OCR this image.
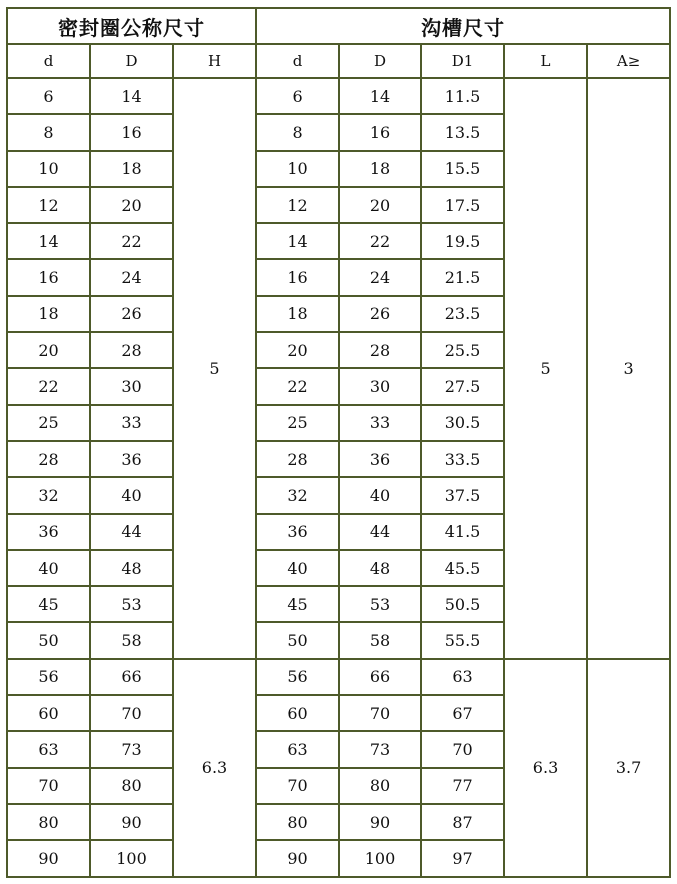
密封圈公称尺寸			沟槽尺寸				
d	D	H	d	D	D1	L	A≥
6	14	5	6	14	11.5	5	3
8	16		8	16	13.5		
10	18		10	18	15.5		
12	20		12	20	17.5		
14	22		14	22	19.5		
16	24		16	24	21.5		
18	26		18	26	23.5		
20	28		20	28	25.5		
22	30		22	30	27.5		
25	33		25	33	30.5		
28	36		28	36	33.5		
32	40		32	40	37.5		
36	44		36	44	41.5		
40	48		40	48	45.5		
45	53		45	53	50.5		
50	58		50	58	55.5		
56	66	6.3	56	66	63	6.3	3.7
60	70		60	70	67		
63	73		63	73	70		
70	80		70	80	77		
80	90		80	90	87		
90	100		90	100	97		
